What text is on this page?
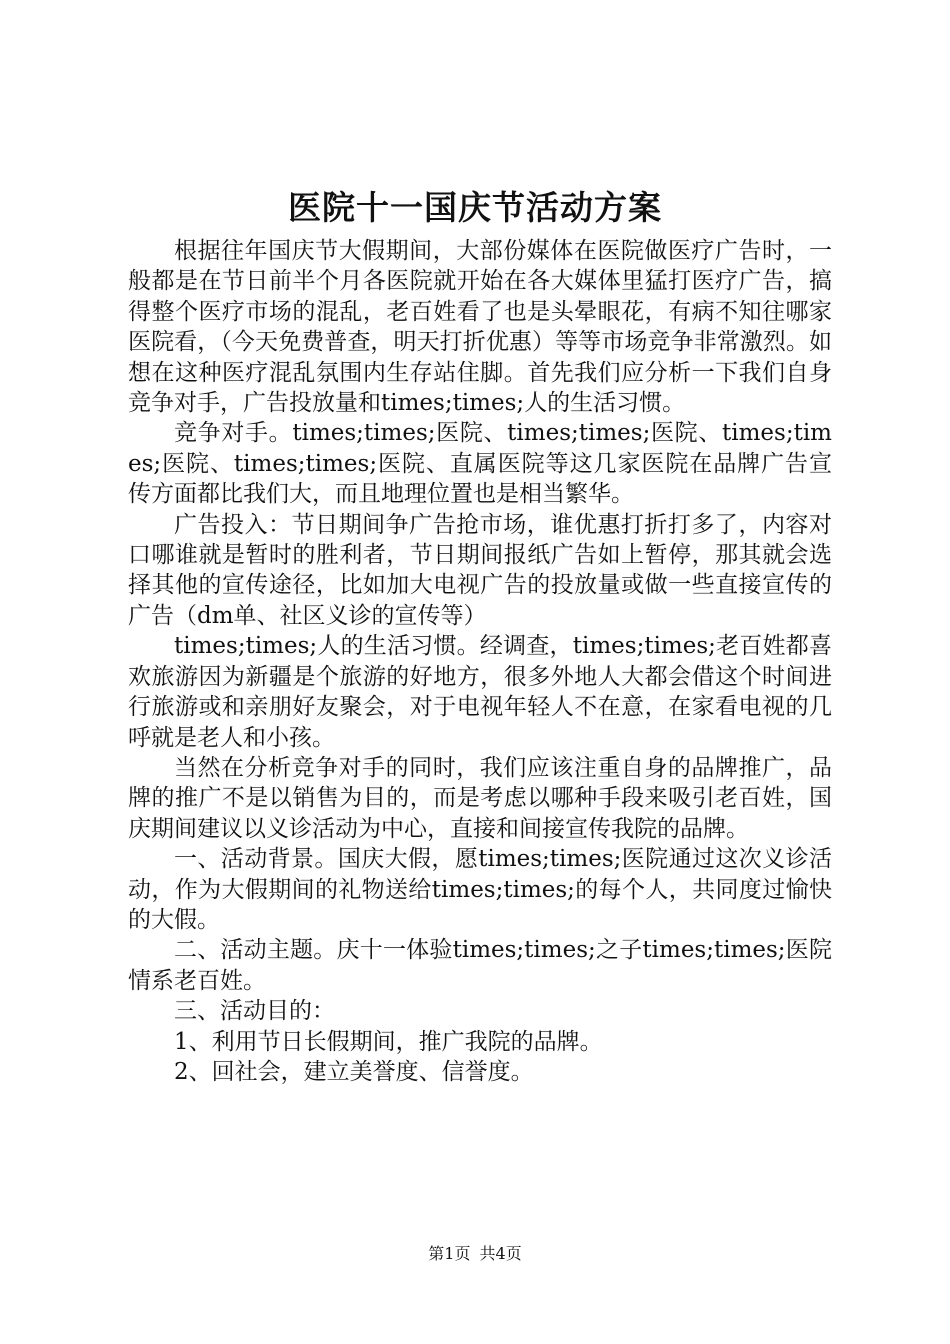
医院十一国庆节活动方案

根据往年国庆节大假期间，大部份媒体在医院做医疗广告时，一般都是在节日前半个月各医院就开始在各大媒体里猛打医疗广告，搞得整个医疗市场的混乱，老百姓看了也是头晕眼花，有病不知往哪家医院看，（今天免费普查，明天打折优惠）等等市场竞争非常激烈。如想在这种医疗混乱氛围内生存站住脚。首先我们应分析一下我们自身竞争对手，广告投放量和times;times;人的生活习惯。

竞争对手。times;times;医院、times;times;医院、times;times;医院、times;times;医院、直属医院等这几家医院在品牌广告宣传方面都比我们大，而且地理位置也是相当繁华。

广告投入：节日期间争广告抢市场，谁优惠打折打多了，内容对口哪谁就是暂时的胜利者，节日期间报纸广告如上暂停，那其就会选择其他的宣传途径，比如加大电视广告的投放量或做一些直接宣传的广告（dm单、社区义诊的宣传等）

times;times;人的生活习惯。经调查，times;times;老百姓都喜欢旅游因为新疆是个旅游的好地方，很多外地人大都会借这个时间进行旅游或和亲朋好友聚会，对于电视年轻人不在意，在家看电视的几呼就是老人和小孩。

当然在分析竞争对手的同时，我们应该注重自身的品牌推广，品牌的推广不是以销售为目的，而是考虑以哪种手段来吸引老百姓，国庆期间建议以义诊活动为中心，直接和间接宣传我院的品牌。

一、活动背景。国庆大假，愿times;times;医院通过这次义诊活动，作为大假期间的礼物送给times;times;的每个人，共同度过愉快的大假。

二、活动主题。庆十一体验times;times;之子times;times;医院情系老百姓。

三、活动目的：

1、利用节日长假期间，推广我院的品牌。

2、回社会，建立美誉度、信誉度。

第1页 共4页
